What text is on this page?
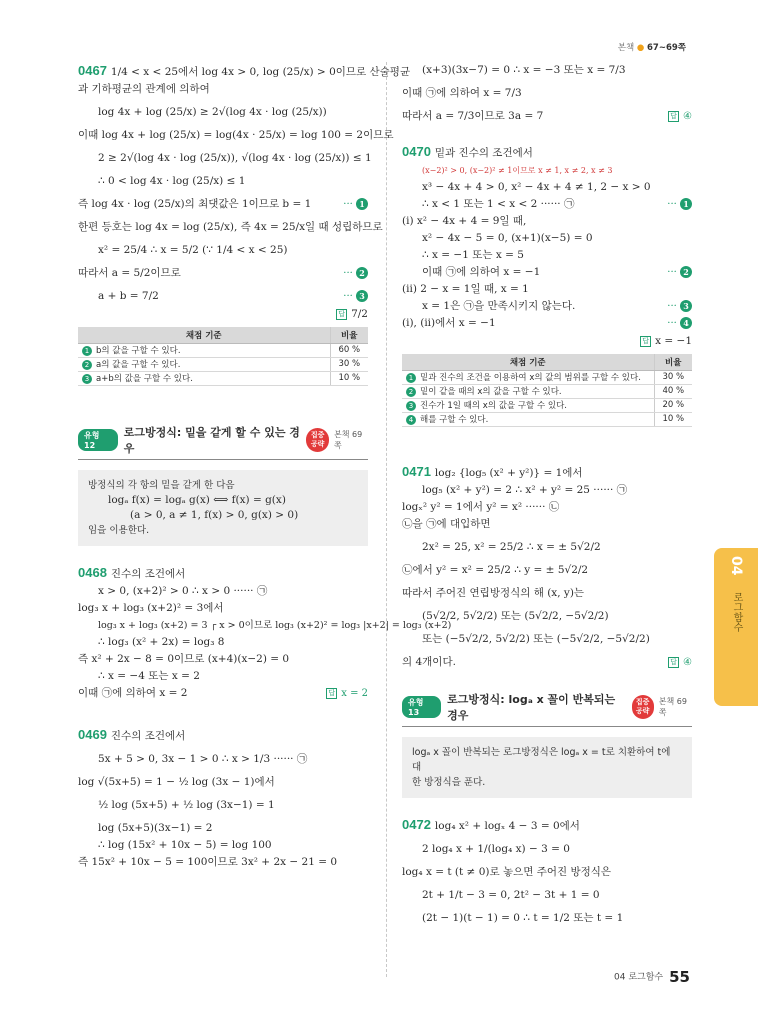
본책 ● 67~69쪽
0467 1/4 < x < 25에서 log 4x > 0, log (25/x) > 0이므로 산술평균
과 기하평균의 관계에 의하여
log 4x + log (25/x) ≥ 2√(log 4x · log (25/x))
이때 log 4x + log (25/x) = log(4x · 25/x) = log 100 = 2이므로
2 ≥ 2√(log 4x · log (25/x)), √(log 4x · log (25/x)) ≤ 1
∴ 0 < log 4x · log (25/x) ≤ 1
즉 log 4x · log (25/x)의 최댓값은 1이므로 b = 1	··· 1
한편 등호는 log 4x = log (25/x), 즉 4x = 25/x일 때 성립하므로
x² = 25/4 ∴ x = 5/2 (∵ 1/4 < x < 25)
따라서 a = 5/2이므로	··· 2
a + b = 7/2	··· 3
답 7/2
채점 기준	비율
1 b의 값을 구할 수 있다.	60 %
2 a의 값을 구할 수 있다.	30 %
3 a+b의 값을 구할 수 있다.	10 %
유형 12
로그방정식: 밑을 같게 할 수 있는 경우
집중 공략
본책 69쪽
방정식의 각 항의 밑을 같게 한 다음
logₐ f(x) = logₐ g(x) ⟺ f(x) = g(x)
(a > 0, a ≠ 1, f(x) > 0, g(x) > 0)
임을 이용한다.
0468 진수의 조건에서
x > 0, (x+2)² > 0 ∴ x > 0 ······ ㉠
log₃ x + log₃ (x+2)² = 3에서
log₃ x + log₃ (x+2) = 3 ┌ x > 0이므로 log₃ (x+2)² = log₃ |x+2| = log₃ (x+2)
∴ log₃ (x² + 2x) = log₃ 8
즉 x² + 2x − 8 = 0이므로 (x+4)(x−2) = 0
∴ x = −4 또는 x = 2
이때 ㉠에 의하여 x = 2	답 x = 2
0469 진수의 조건에서
5x + 5 > 0, 3x − 1 > 0 ∴ x > 1/3 ······ ㉠
log √(5x+5) = 1 − ½ log (3x − 1)에서
½ log (5x+5) + ½ log (3x−1) = 1
log (5x+5)(3x−1) = 2
∴ log (15x² + 10x − 5) = log 100
즉 15x² + 10x − 5 = 100이므로 3x² + 2x − 21 = 0
(x+3)(3x−7) = 0 ∴ x = −3 또는 x = 7/3
이때 ㉠에 의하여 x = 7/3
따라서 a = 7/3이므로 3a = 7	답 ④
0470 밑과 진수의 조건에서
(x−2)² > 0, (x−2)² ≠ 1이므로 x ≠ 1, x ≠ 2, x ≠ 3
x³ − 4x + 4 > 0, x² − 4x + 4 ≠ 1, 2 − x > 0
∴ x < 1 또는 1 < x < 2 ······ ㉠	··· 1
(i) x² − 4x + 4 = 9일 때,
x² − 4x − 5 = 0, (x+1)(x−5) = 0
∴ x = −1 또는 x = 5
이때 ㉠에 의하여 x = −1	··· 2
(ii) 2 − x = 1일 때, x = 1
x = 1은 ㉠을 만족시키지 않는다.	··· 3
(i), (ii)에서 x = −1	··· 4
답 x = −1
채점 기준	비율
1 밑과 진수의 조건을 이용하여 x의 값의 범위를 구할 수 있다.	30 %
2 밑이 같을 때의 x의 값을 구할 수 있다.	40 %
3 진수가 1일 때의 x의 값을 구할 수 있다.	20 %
4 해를 구할 수 있다.	10 %
0471 log₂ {log₅ (x² + y²)} = 1에서
log₅ (x² + y²) = 2 ∴ x² + y² = 25 ······ ㉠
logₓ² y² = 1에서 y² = x² ······ ㉡
㉡을 ㉠에 대입하면
2x² = 25, x² = 25/2 ∴ x = ± 5√2/2
㉡에서 y² = x² = 25/2 ∴ y = ± 5√2/2
따라서 주어진 연립방정식의 해 (x, y)는
(5√2/2, 5√2/2) 또는 (5√2/2, −5√2/2)
또는 (−5√2/2, 5√2/2) 또는 (−5√2/2, −5√2/2)
의 4개이다.	답 ④
유형 13
로그방정식: logₐ x 꼴이 반복되는 경우
집중 공략
본책 69쪽
logₐ x 꼴이 반복되는 로그방정식은 logₐ x = t로 치환하여 t에 대
한 방정식을 푼다.
0472 log₄ x² + logₓ 4 − 3 = 0에서
2 log₄ x + 1/(log₄ x) − 3 = 0
log₄ x = t (t ≠ 0)로 놓으면 주어진 방정식은
2t + 1/t − 3 = 0, 2t² − 3t + 1 = 0
(2t − 1)(t − 1) = 0 ∴ t = 1/2 또는 t = 1
04
로그함수
04 로그함수 55
